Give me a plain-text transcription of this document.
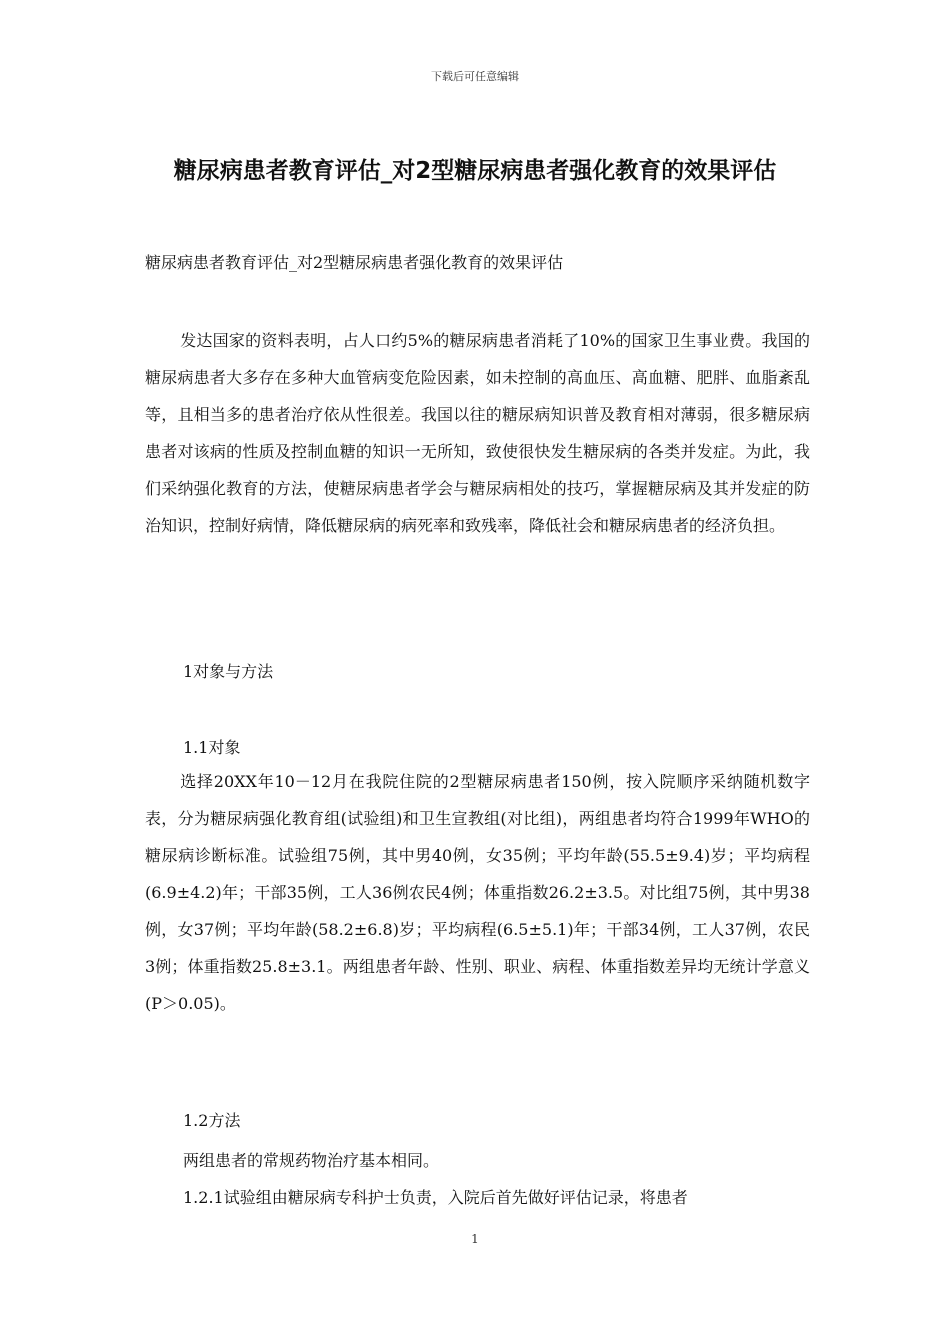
下载后可任意编辑
糖尿病患者教育评估_对2型糖尿病患者强化教育的效果评估
糖尿病患者教育评估_对2型糖尿病患者强化教育的效果评估
发达国家的资料表明，占人口约5%的糖尿病患者消耗了10%的国家卫生事业费。我国的糖尿病患者大多存在多种大血管病变危险因素，如未控制的高血压、高血糖、肥胖、血脂紊乱等，且相当多的患者治疗依从性很差。我国以往的糖尿病知识普及教育相对薄弱，很多糖尿病患者对该病的性质及控制血糖的知识一无所知，致使很快发生糖尿病的各类并发症。为此，我们采纳强化教育的方法，使糖尿病患者学会与糖尿病相处的技巧，掌握糖尿病及其并发症的防治知识，控制好病情，降低糖尿病的病死率和致残率，降低社会和糖尿病患者的经济负担。
1对象与方法
1.1对象
选择20XX年10－12月在我院住院的2型糖尿病患者150例，按入院顺序采纳随机数字表，分为糖尿病强化教育组(试验组)和卫生宣教组(对比组)，两组患者均符合1999年WHO的糖尿病诊断标准。试验组75例，其中男40例，女35例；平均年龄(55.5±9.4)岁；平均病程(6.9±4.2)年；干部35例，工人36例农民4例；体重指数26.2±3.5。对比组75例，其中男38例，女37例；平均年龄(58.2±6.8)岁；平均病程(6.5±5.1)年；干部34例，工人37例，农民3例；体重指数25.8±3.1。两组患者年龄、性别、职业、病程、体重指数差异均无统计学意义(P＞0.05)。
1.2方法
两组患者的常规药物治疗基本相同。
1.2.1试验组由糖尿病专科护士负责，入院后首先做好评估记录，将患者
1
